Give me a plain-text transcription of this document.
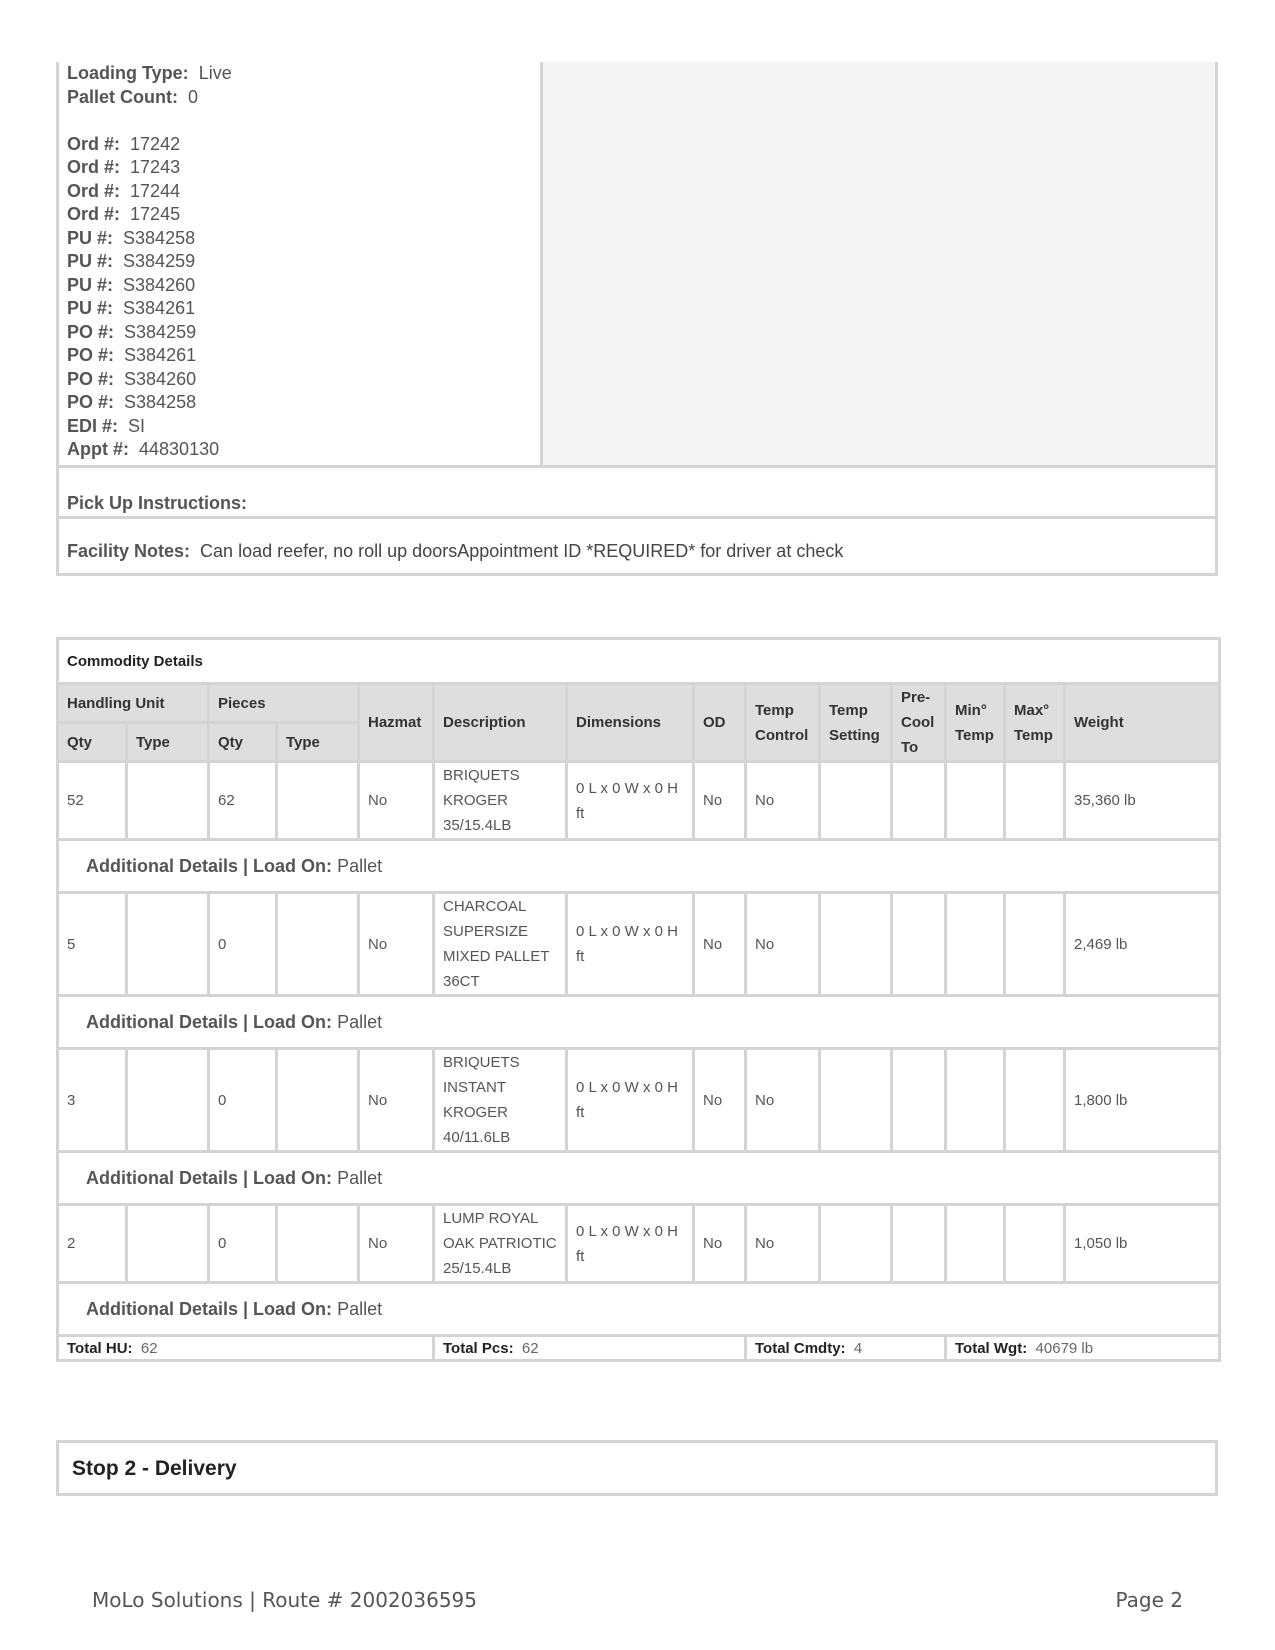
Loading Type: Live
Pallet Count: 0
Ord #: 17242
Ord #: 17243
Ord #: 17244
Ord #: 17245
PU #: S384258
PU #: S384259
PU #: S384260
PU #: S384261
PO #: S384259
PO #: S384261
PO #: S384260
PO #: S384258
EDI #: SI
Appt #: 44830130
Pick Up Instructions:
Facility Notes: Can load reefer, no roll up doorsAppointment ID *REQUIRED* for driver at check
Commodity Details													
Handling Unit		Pieces		Hazmat	Description	Dimensions	OD	Temp Control	Temp Setting	Pre-Cool To	Min° Temp	Max° Temp	Weight
Qty	Type	Qty	Type										
52		62		No	BRIQUETS KROGER 35/15.4LB	0 L x 0 W x 0 H ft	No	No					35,360 lb
Additional Details | Load On: Pallet													
5		0		No	CHARCOAL SUPERSIZE MIXED PALLET 36CT	0 L x 0 W x 0 H ft	No	No					2,469 lb
Additional Details | Load On: Pallet													
3		0		No	BRIQUETS INSTANT KROGER 40/11.6LB	0 L x 0 W x 0 H ft	No	No					1,800 lb
Additional Details | Load On: Pallet													
2		0		No	LUMP ROYAL OAK PATRIOTIC 25/15.4LB	0 L x 0 W x 0 H ft	No	No					1,050 lb
Additional Details | Load On: Pallet													
Total HU: 62					Total Pcs: 62			Total Cmdty: 4			Total Wgt: 40679 lb		
Stop 2 - Delivery
MoLo Solutions | Route # 2002036595	Page 2
